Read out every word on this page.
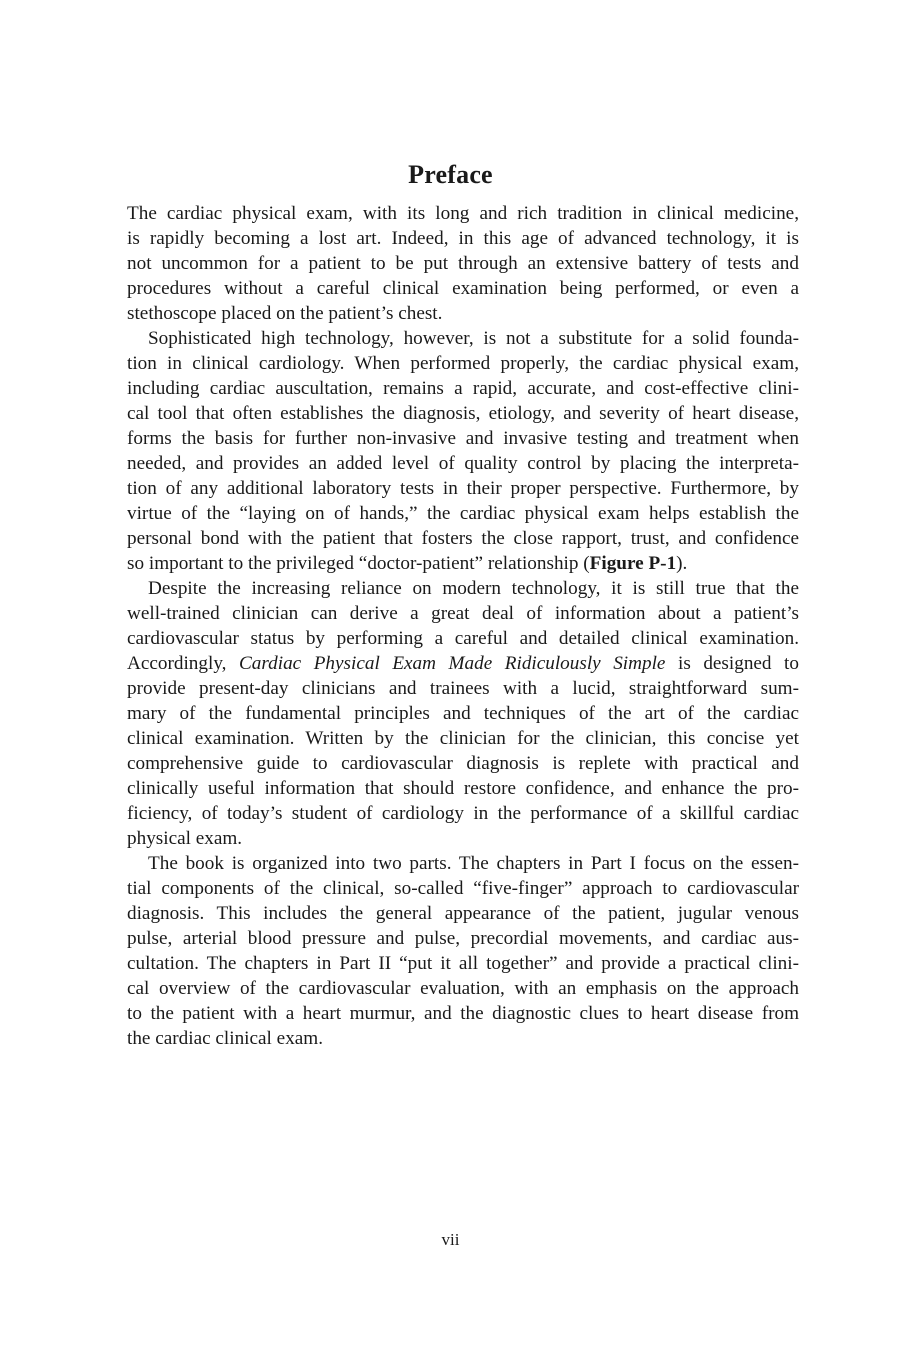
Preface
The cardiac physical exam, with its long and rich tradition in clinical medicine,
is rapidly becoming a lost art. Indeed, in this age of advanced technology, it is
not uncommon for a patient to be put through an extensive battery of tests and
procedures without a careful clinical examination being performed, or even a
stethoscope placed on the patient’s chest.
Sophisticated high technology, however, is not a substitute for a solid founda-
tion in clinical cardiology. When performed properly, the cardiac physical exam,
including cardiac auscultation, remains a rapid, accurate, and cost-effective clini-
cal tool that often establishes the diagnosis, etiology, and severity of heart disease,
forms the basis for further non-invasive and invasive testing and treatment when
needed, and provides an added level of quality control by placing the interpreta-
tion of any additional laboratory tests in their proper perspective. Furthermore, by
virtue of the “laying on of hands,” the cardiac physical exam helps establish the
personal bond with the patient that fosters the close rapport, trust, and confidence
so important to the privileged “doctor-patient” relationship (Figure P-1).
Despite the increasing reliance on modern technology, it is still true that the
well-trained clinician can derive a great deal of information about a patient’s
cardiovascular status by performing a careful and detailed clinical examination.
Accordingly, Cardiac Physical Exam Made Ridiculously Simple is designed to
provide present-day clinicians and trainees with a lucid, straightforward sum-
mary of the fundamental principles and techniques of the art of the cardiac
clinical examination. Written by the clinician for the clinician, this concise yet
comprehensive guide to cardiovascular diagnosis is replete with practical and
clinically useful information that should restore confidence, and enhance the pro-
ficiency, of today’s student of cardiology in the performance of a skillful cardiac
physical exam.
The book is organized into two parts. The chapters in Part I focus on the essen-
tial components of the clinical, so-called “five-finger” approach to cardiovascular
diagnosis. This includes the general appearance of the patient, jugular venous
pulse, arterial blood pressure and pulse, precordial movements, and cardiac aus-
cultation. The chapters in Part II “put it all together” and provide a practical clini-
cal overview of the cardiovascular evaluation, with an emphasis on the approach
to the patient with a heart murmur, and the diagnostic clues to heart disease from
the cardiac clinical exam.
vii
